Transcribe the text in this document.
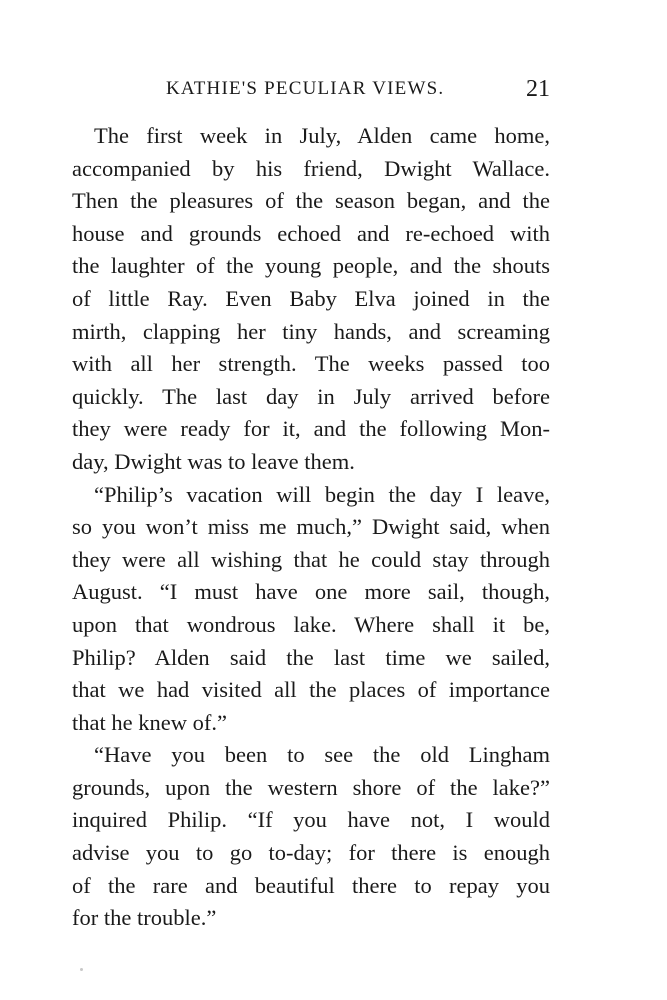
KATHIE'S PECULIAR VIEWS.	21
The first week in July, Alden came home,
accompanied by his friend, Dwight Wallace.
Then the pleasures of the season began, and the
house and grounds echoed and re-echoed with
the laughter of the young people, and the shouts
of little Ray. Even Baby Elva joined in the
mirth, clapping her tiny hands, and screaming
with all her strength. The weeks passed too
quickly. The last day in July arrived before
they were ready for it, and the following Mon-
day, Dwight was to leave them.
“Philip’s vacation will begin the day I leave,
so you won’t miss me much,” Dwight said, when
they were all wishing that he could stay through
August. “I must have one more sail, though,
upon that wondrous lake. Where shall it be,
Philip? Alden said the last time we sailed,
that we had visited all the places of importance
that he knew of.”
“Have you been to see the old Lingham
grounds, upon the western shore of the lake?”
inquired Philip. “If you have not, I would
advise you to go to-day; for there is enough
of the rare and beautiful there to repay you
for the trouble.”
